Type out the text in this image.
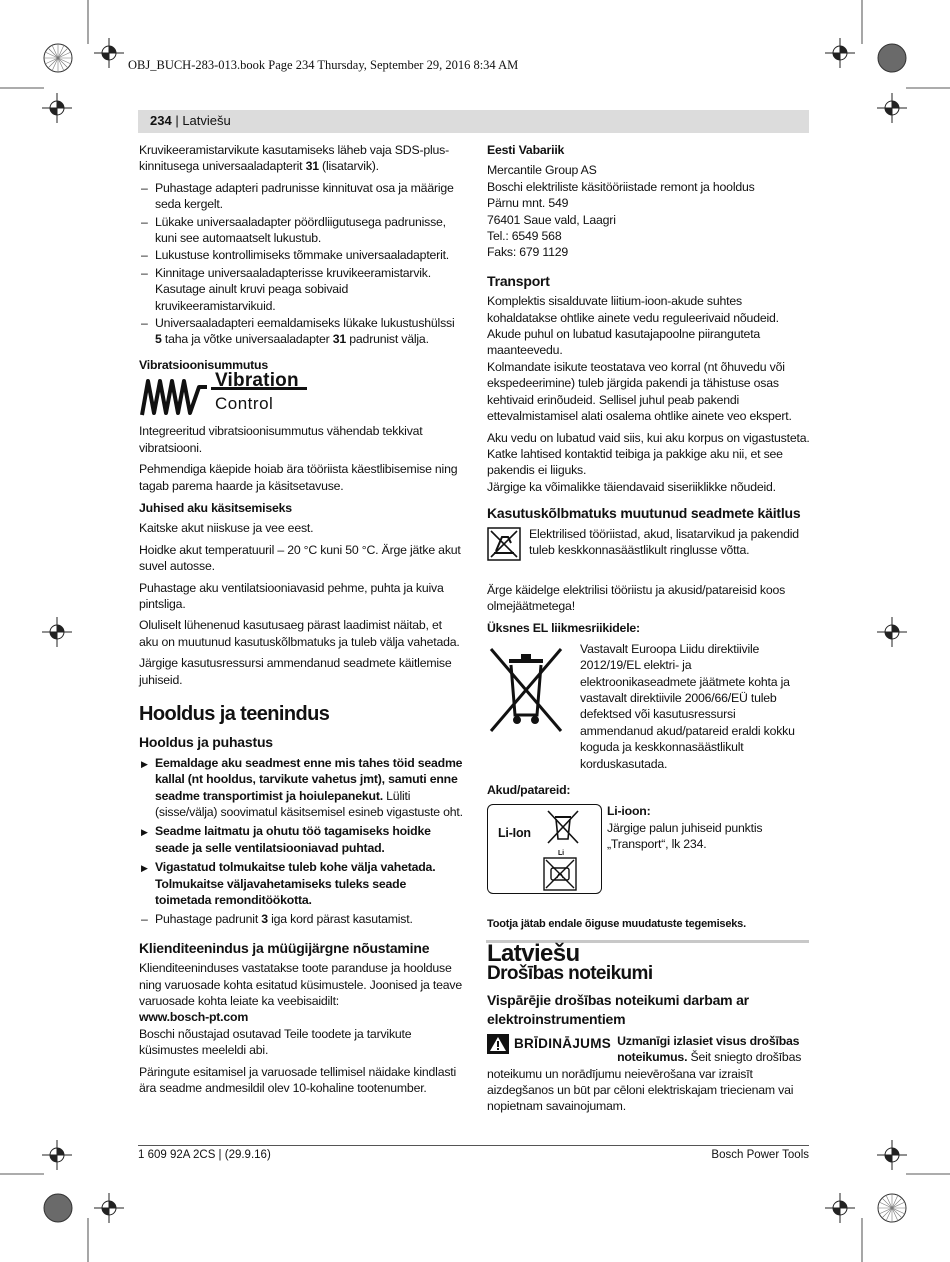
OBJ_BUCH-283-013.book Page 234 Thursday, September 29, 2016 8:34 AM
234 | Latviešu

Kruvikeeramistarvikute kasutamiseks läheb vaja SDS-plus-kinnitusega universaaladapterit 31 (lisatarvik).

– Puhastage adapteri padrunisse kinnituvat osa ja määrige seda kergelt.
– Lükake universaaladapter pöördliigutusega padrunisse, kuni see automaatselt lukustub.
– Lukustuse kontrollimiseks tõmmake universaaladapterit.
– Kinnitage universaaladapterisse kruvikeeramistarvik. Kasutage ainult kruvi peaga sobivaid kruvikeeramistarvikuid.
– Universaaladapteri eemaldamiseks lükake lukustushülssi 5 taha ja võtke universaaladapter 31 padrunist välja.
Vibratsioonisummutus
Vibration
Control

Integreeritud vibratsioonisummutus vähendab tekkivat vibratsiooni.

Pehmendiga käepide hoiab ära tööriista käestlibisemise ning tagab parema haarde ja käsitsetavuse.

Juhised aku käsitsemiseks

Kaitske akut niiskuse ja vee eest.

Hoidke akut temperatuuril – 20 °C kuni 50 °C. Ärge jätke akut suvel autosse.

Puhastage aku ventilatsiooniavasid pehme, puhta ja kuiva pintsliga.

Oluliselt lühenenud kasutusaeg pärast laadimist näitab, et aku on muutunud kasutuskõlbmatuks ja tuleb välja vahetada.

Järgige kasutusressursi ammendanud seadmete käitlemise juhiseid.

Hooldus ja teenindus
Hooldus ja puhastus
▶ Eemaldage aku seadmest enne mis tahes töid seadme kallal (nt hooldus, tarvikute vahetus jmt), samuti enne seadme transportimist ja hoiulepanekut. Lüliti (sisse/välja) soovimatul käsitsemisel esineb vigastuste oht.
▶ Seadme laitmatu ja ohutu töö tagamiseks hoidke seade ja selle ventilatsiooniavad puhtad.
▶ Vigastatud tolmukaitse tuleb kohe välja vahetada. Tolmukaitse väljavahetamiseks tuleks seade toimetada remonditöökotta.
– Puhastage padrunit 3 iga kord pärast kasutamist.
Klienditeenindus ja müügijärgne nõustamine

Klienditeeninduses vastatakse toote paranduse ja hoolduse ning varuosade kohta esitatud küsimustele. Joonised ja teave varuosade kohta leiate ka veebisaidilt:

www.bosch-pt.com

Boschi nõustajad osutavad Teile toodete ja tarvikute küsimustes meeleldi abi.

Päringute esitamisel ja varuosade tellimisel näidake kindlasti ära seadme andmesildil olev 10-kohaline tootenumber.

Eesti Vabariik
Mercantile Group AS
Boschi elektriliste käsitööriistade remont ja hooldus
Pärnu mnt. 549
76401 Saue vald, Laagri
Tel.: 6549 568
Faks: 679 1129
Transport

Komplektis sisalduvate liitium-ioon-akude suhtes kohaldatakse ohtlike ainete vedu reguleerivaid nõudeid. Akude puhul on lubatud kasutajapoolne piiranguteta maanteevedu.

Kolmandate isikute teostatava veo korral (nt õhuvedu või ekspedeerimine) tuleb järgida pakendi ja tähistuse osas kehtivaid erinõudeid. Sellisel juhul peab pakendi ettevalmistamisel alati osalema ohtlike ainete veo ekspert.

Aku vedu on lubatud vaid siis, kui aku korpus on vigastusteta. Katke lahtised kontaktid teibiga ja pakkige aku nii, et see pakendis ei liiguks.

Järgige ka võimalikke täiendavaid siseriiklikke nõudeid.

Kasutuskõlbmatuks muutunud seadmete käitlus
Elektrilised tööriistad, akud, lisatarvikud ja pakendid tuleb keskkonnasäästlikult ringlusse võtta.

Ärge käidelge elektrilisi tööriistu ja akusid/patareisid koos olmejäätmetega!

Üksnes EL liikmesriikidele:
Vastavalt Euroopa Liidu direktiivile 2012/19/EL elektri- ja elektroonikaseadmete jäätmete kohta ja vastavalt direktiivile 2006/66/EÜ tuleb defektsed või kasutusressursi ammendanud akud/patareid eraldi kokku koguda ja keskkonnasäästlikult korduskasutada.
Akud/patareid:
Li-Ion
Li
Li-ioon:
Järgige palun juhiseid punktis „Transport“, lk 234.

Tootja jätab endale õiguse muudatuste tegemiseks.

Latviešu
Drošības noteikumi
Vispārējie drošības noteikumi darbam ar elektroinstrumentiem
BRĪDINĀJUMS Uzmanīgi izlasiet visus drošības noteikumus. Šeit sniegto drošības noteikumu un norādījumu neievērošana var izraisīt aizdegšanos un būt par cēloni elektriskajam triecienam vai nopietnam savainojumam.
1 609 92A 2CS | (29.9.16)	Bosch Power Tools
